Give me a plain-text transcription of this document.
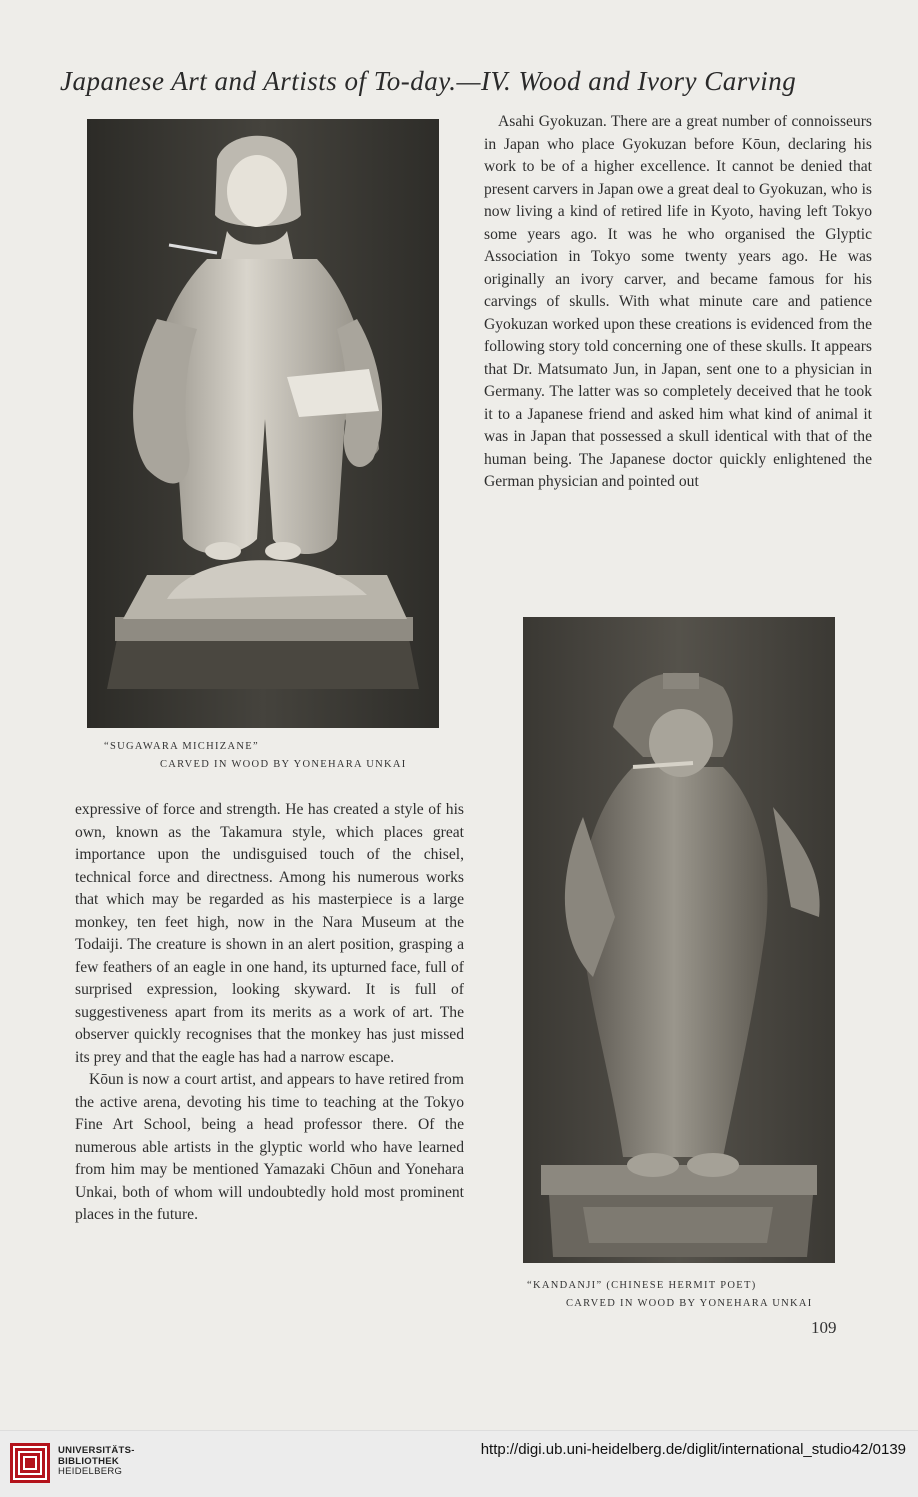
Japanese Art and Artists of To-day.—IV. Wood and Ivory Carving
“SUGAWARA MICHIZANE”
CARVED IN WOOD BY YONEHARA UNKAI

Asahi Gyokuzan. There are a great number of connoisseurs in Japan who place Gyokuzan before Kōun, declaring his work to be of a higher excellence. It cannot be denied that present carvers in Japan owe a great deal to Gyokuzan, who is now living a kind of retired life in Kyoto, having left Tokyo some years ago. It was he who organised the Glyptic Association in Tokyo some twenty years ago. He was originally an ivory carver, and became famous for his carvings of skulls. With what minute care and patience Gyokuzan worked upon these creations is evidenced from the following story told concerning one of these skulls. It appears that Dr. Matsumato Jun, in Japan, sent one to a physician in Germany. The latter was so completely deceived that he took it to a Japanese friend and asked him what kind of animal it was in Japan that possessed a skull identical with that of the human being. The Japanese doctor quickly enlightened the German physician and pointed out

expressive of force and strength. He has created a style of his own, known as the Takamura style, which places great importance upon the undisguised touch of the chisel, technical force and directness. Among his numerous works that which may be regarded as his masterpiece is a large monkey, ten feet high, now in the Nara Museum at the Todaiji. The creature is shown in an alert position, grasping a few feathers of an eagle in one hand, its upturned face, full of surprised expression, looking skyward. It is full of suggestiveness apart from its merits as a work of art. The observer quickly recognises that the monkey has just missed its prey and that the eagle has had a narrow escape.

Kōun is now a court artist, and appears to have retired from the active arena, devoting his time to teaching at the Tokyo Fine Art School, being a head professor there. Of the numerous able artists in the glyptic world who have learned from him may be mentioned Yamazaki Chōun and Yonehara Unkai, both of whom will undoubtedly hold most prominent places in the future.

“KANDANJI” (CHINESE HERMIT POET)
CARVED IN WOOD BY YONEHARA UNKAI
109
UNIVERSITÄTS-
BIBLIOTHEK
HEIDELBERG
http://digi.ub.uni-heidelberg.de/diglit/international_studio42/0139
